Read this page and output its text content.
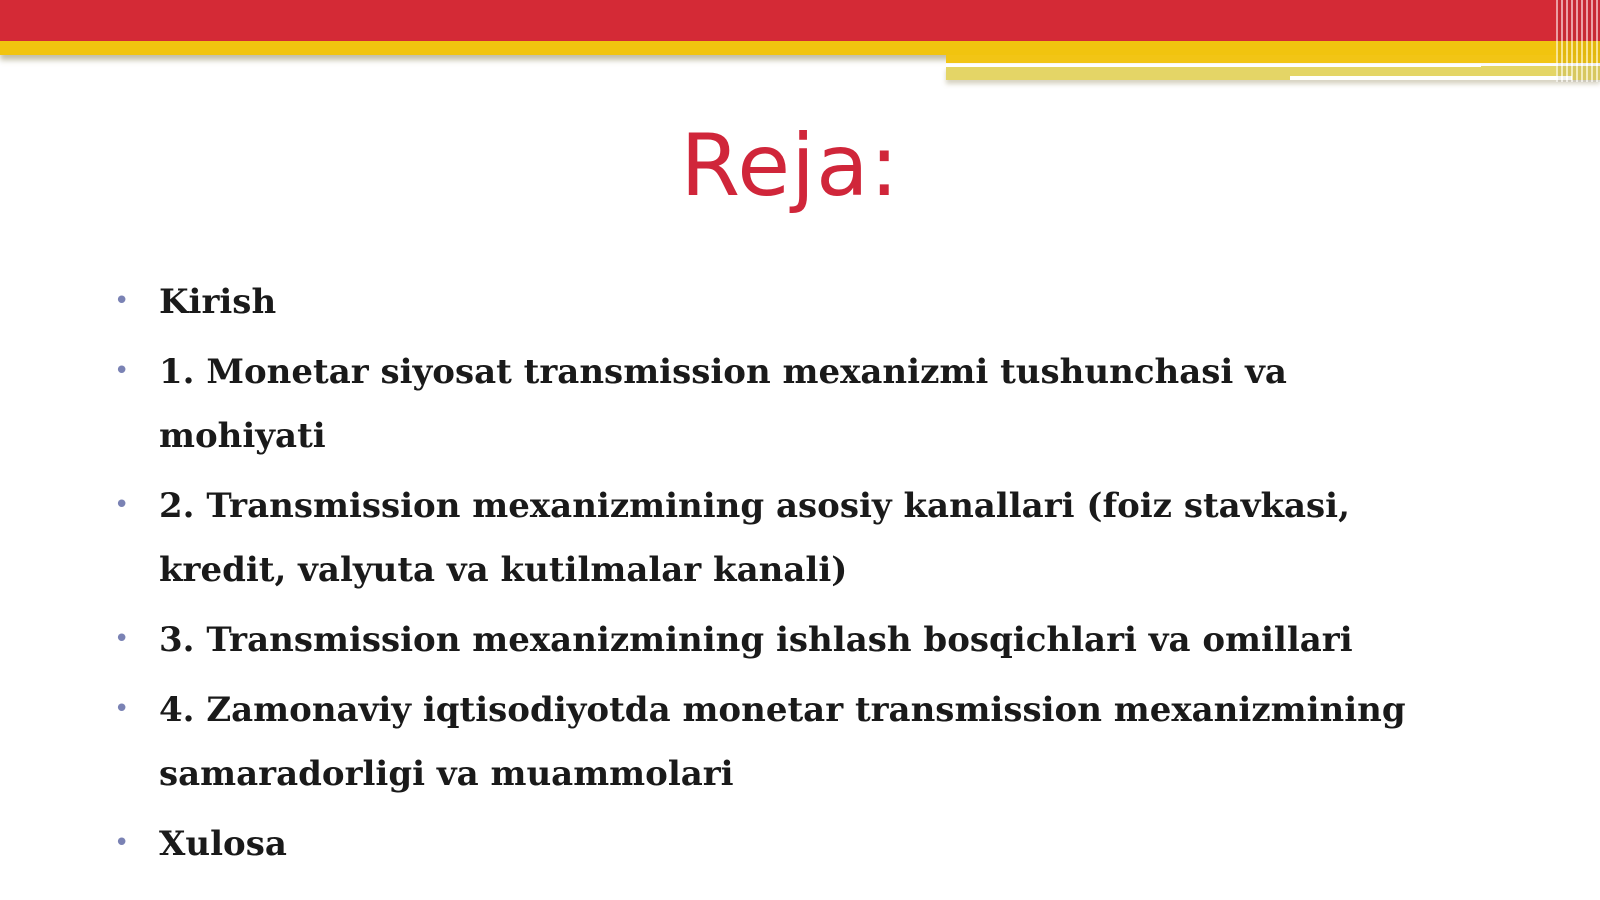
Reja:
• Kirish
• 1. Monetar siyosat transmission mexanizmi tushunchasi va mohiyati
• 2. Transmission mexanizmining asosiy kanallari (foiz stavkasi, kredit, valyuta va kutilmalar kanali)
• 3. Transmission mexanizmining ishlash bosqichlari va omillari
• 4. Zamonaviy iqtisodiyotda monetar transmission mexanizmining samaradorligi va muammolari
• Xulosa
